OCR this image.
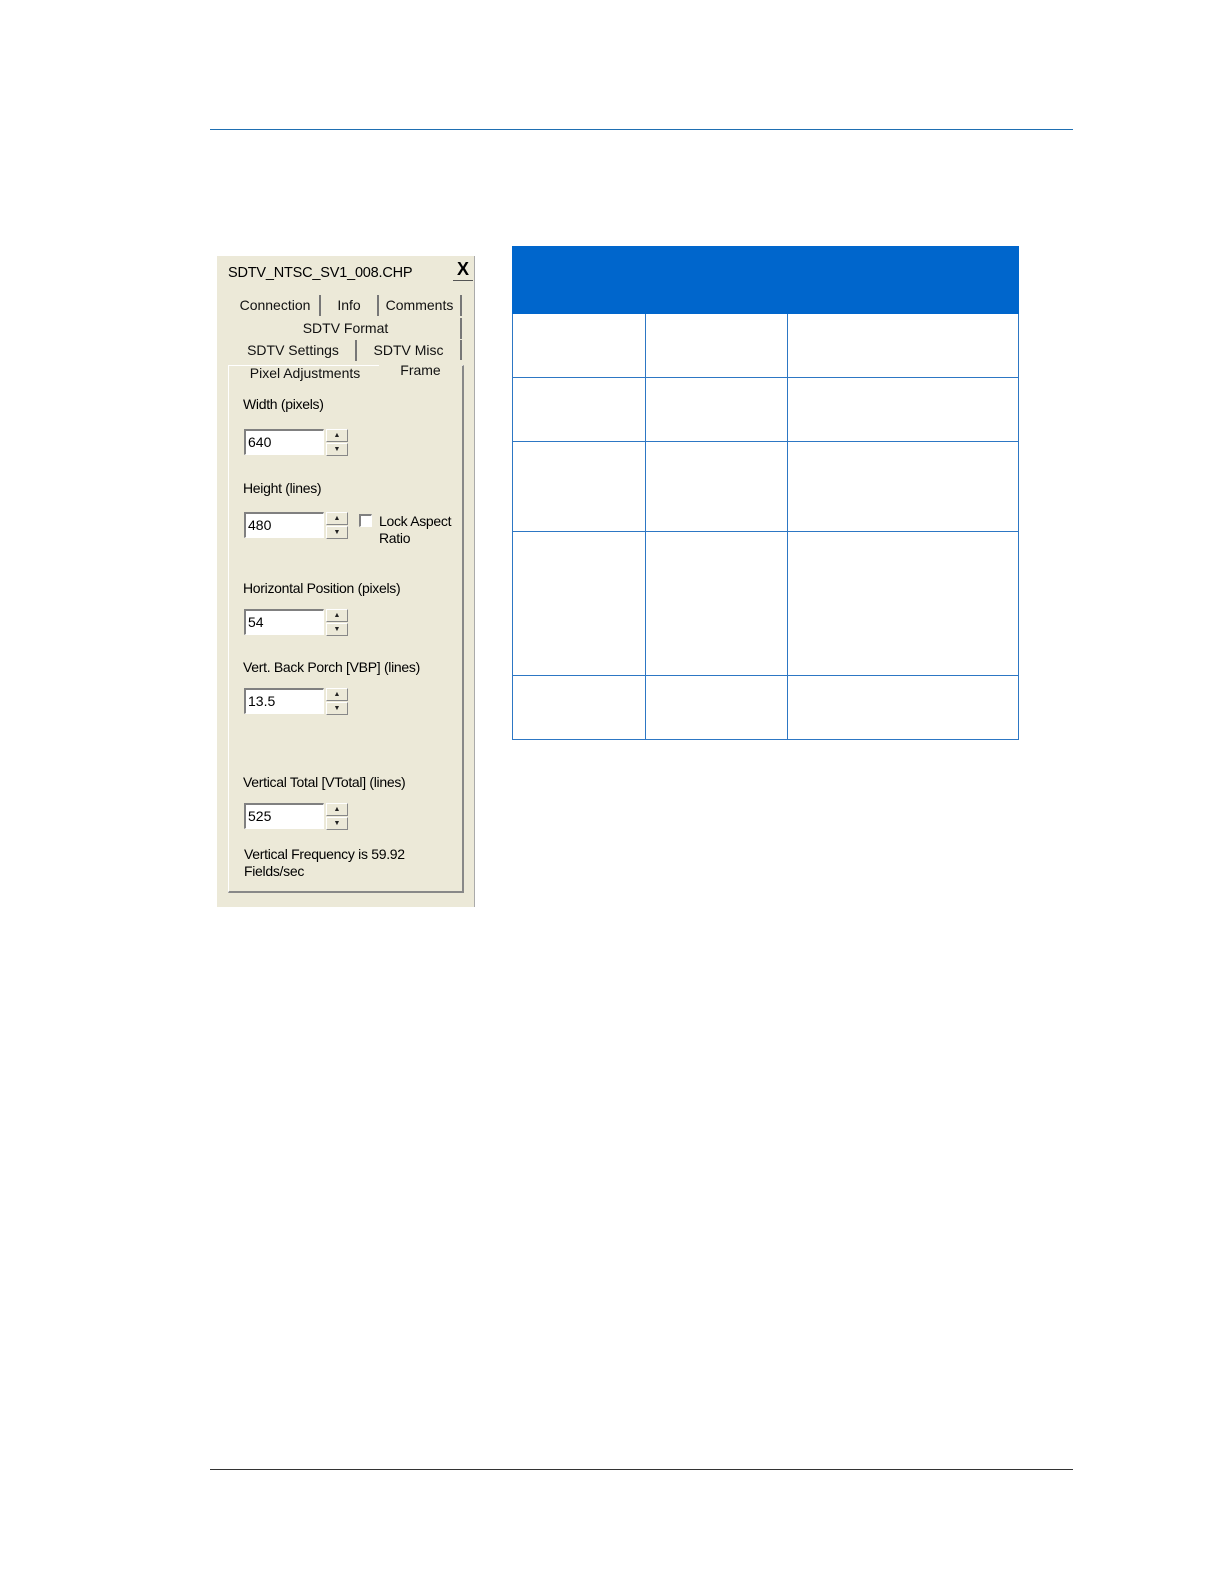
SDTV_NTSC_SV1_008.CHP X
Connection	Info	Comments
SDTV Format
SDTV Settings	SDTV Misc
Pixel Adjustments	Frame
Width (pixels)
640	▲
▼
Height (lines)
480	▲
▼
Lock Aspect
Ratio
Horizontal Position (pixels)
54	▲
▼
Vert. Back Porch [VBP] (lines)
13.5	▲
▼
Vertical Total [VTotal] (lines)
525	▲
▼
Vertical Frequency is 59.92
Fields/sec
